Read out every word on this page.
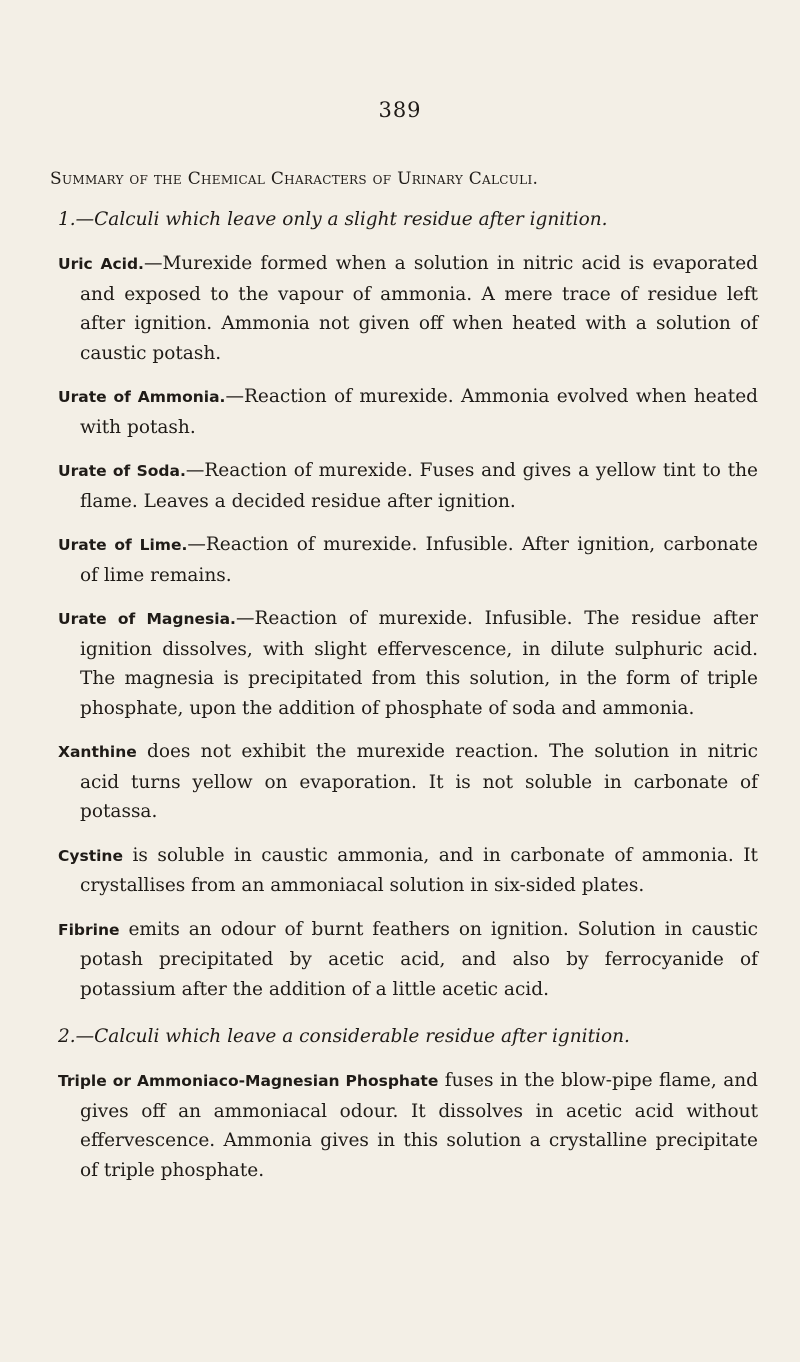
389
Summary of the Chemical Characters of Urinary Calculi.

1.—Calculi which leave only a slight residue after ignition.

Uric Acid.—Murexide formed when a solution in nitric acid is evaporated and exposed to the vapour of ammonia. A mere trace of residue left after ignition. Ammonia not given off when heated with a solution of caustic potash.

Urate of Ammonia.—Reaction of murexide. Ammonia evolved when heated with potash.

Urate of Soda.—Reaction of murexide. Fuses and gives a yellow tint to the flame. Leaves a decided residue after ignition.

Urate of Lime.—Reaction of murexide. Infusible. After ignition, carbonate of lime remains.

Urate of Magnesia.—Reaction of murexide. Infusible. The residue after ignition dissolves, with slight effervescence, in dilute sulphuric acid. The magnesia is precipitated from this solution, in the form of triple phosphate, upon the addition of phosphate of soda and ammonia.

Xanthine does not exhibit the murexide reaction. The solution in nitric acid turns yellow on evaporation. It is not soluble in carbonate of potassa.

Cystine is soluble in caustic ammonia, and in carbonate of ammonia. It crystallises from an ammoniacal solution in six-sided plates.

Fibrine emits an odour of burnt feathers on ignition. Solution in caustic potash precipitated by acetic acid, and also by ferrocyanide of potassium after the addition of a little acetic acid.

2.—Calculi which leave a considerable residue after ignition.

Triple or Ammoniaco-Magnesian Phosphate fuses in the blow-pipe flame, and gives off an ammoniacal odour. It dissolves in acetic acid without effervescence. Ammonia gives in this solution a crystalline precipitate of triple phosphate.
